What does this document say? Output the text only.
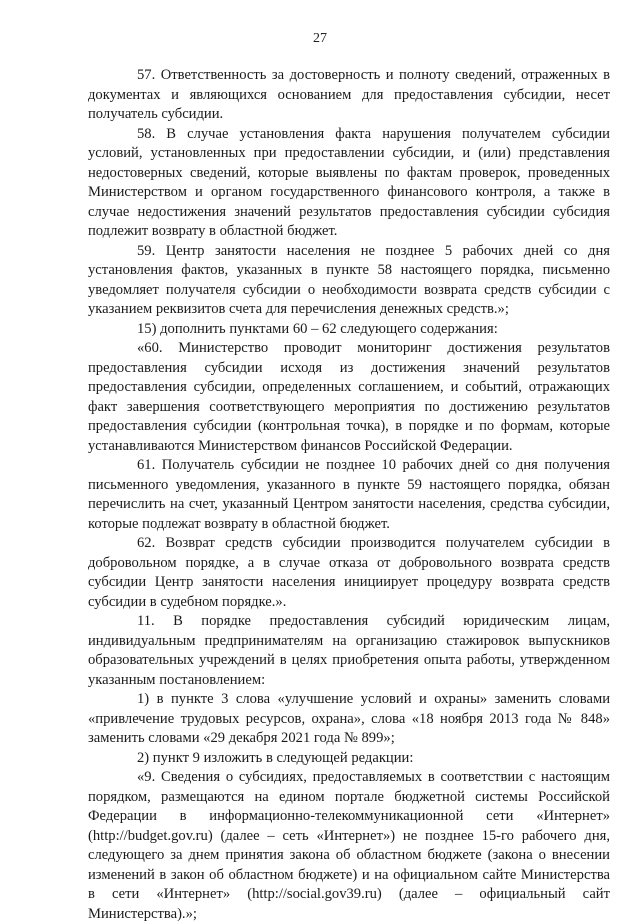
27

57. Ответственность за достоверность и полноту сведений, отраженных в документах и являющихся основанием для предоставления субсидии, несет получатель субсидии.

58. В случае установления факта нарушения получателем субсидии условий, установленных при предоставлении субсидии, и (или) представления недостоверных сведений, которые выявлены по фактам проверок, проведенных Министерством и органом государственного финансового контроля, а также в случае недостижения значений результатов предоставления субсидии субсидия подлежит возврату в областной бюджет.

59. Центр занятости населения не позднее 5 рабочих дней со дня установления фактов, указанных в пункте 58 настоящего порядка, письменно уведомляет получателя субсидии о необходимости возврата средств субсидии с указанием реквизитов счета для перечисления денежных средств.»;

15) дополнить пунктами 60 – 62 следующего содержания:

«60. Министерство проводит мониторинг достижения результатов предоставления субсидии исходя из достижения значений результатов предоставления субсидии, определенных соглашением, и событий, отражающих факт завершения соответствующего мероприятия по достижению результатов предоставления субсидии (контрольная точка), в порядке и по формам, которые устанавливаются Министерством финансов Российской Федерации.

61. Получатель субсидии не позднее 10 рабочих дней со дня получения письменного уведомления, указанного в пункте 59 настоящего порядка, обязан перечислить на счет, указанный Центром занятости населения, средства субсидии, которые подлежат возврату в областной бюджет.

62. Возврат средств субсидии производится получателем субсидии в добровольном порядке, а в случае отказа от добровольного возврата средств субсидии Центр занятости населения инициирует процедуру возврата средств субсидии в судебном порядке.».

11. В порядке предоставления субсидий юридическим лицам, индивидуальным предпринимателям на организацию стажировок выпускников образовательных учреждений в целях приобретения опыта работы, утвержденном указанным постановлением:

1) в пункте 3 слова «улучшение условий и охраны» заменить словами «привлечение трудовых ресурсов, охрана», слова «18 ноября 2013 года № 848» заменить словами «29 декабря 2021 года № 899»;

2) пункт 9 изложить в следующей редакции:

«9. Сведения о субсидиях, предоставляемых в соответствии с настоящим порядком, размещаются на едином портале бюджетной системы Российской Федерации в информационно-телекоммуникационной сети «Интернет» (http://budget.gov.ru) (далее – сеть «Интернет») не позднее 15-го рабочего дня, следующего за днем принятия закона об областном бюджете (закона о внесении изменений в закон об областном бюджете) и на официальном сайте Министерства в сети «Интернет» (http://social.gov39.ru) (далее – официальный сайт Министерства).»;
